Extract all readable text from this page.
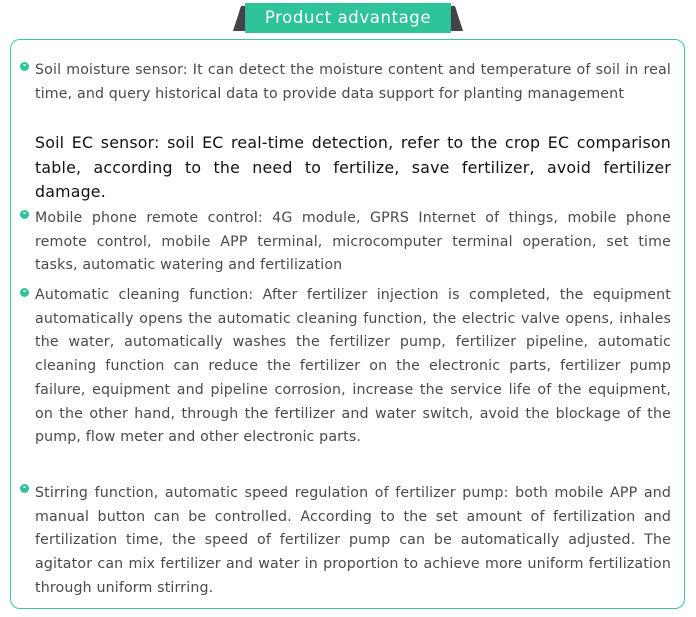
Product advantage
Soil moisture sensor: It can detect the moisture content and temperature of soil in real time, and query historical data to provide data support for planting management
Soil EC sensor: soil EC real-time detection, refer to the crop EC comparison table, according to the need to fertilize, save fertilizer, avoid fertilizer damage.
Mobile phone remote control: 4G module, GPRS Internet of things, mobile phone remote control, mobile APP terminal, microcomputer terminal operation, set time tasks, automatic watering and fertilization
Automatic cleaning function: After fertilizer injection is completed, the equipment automatically opens the automatic cleaning function, the electric valve opens, inhales the water, automatically washes the fertilizer pump, fertilizer pipeline, automatic cleaning function can reduce the fertilizer on the electronic parts, fertilizer pump failure, equipment and pipeline corrosion, increase the service life of the equipment, on the other hand, through the fertilizer and water switch, avoid the blockage of the pump, flow meter and other electronic parts.
Stirring function, automatic speed regulation of fertilizer pump: both mobile APP and manual button can be controlled. According to the set amount of fertilization and fertilization time, the speed of fertilizer pump can be automatically adjusted. The agitator can mix fertilizer and water in proportion to achieve more uniform fertilization through uniform stirring.
